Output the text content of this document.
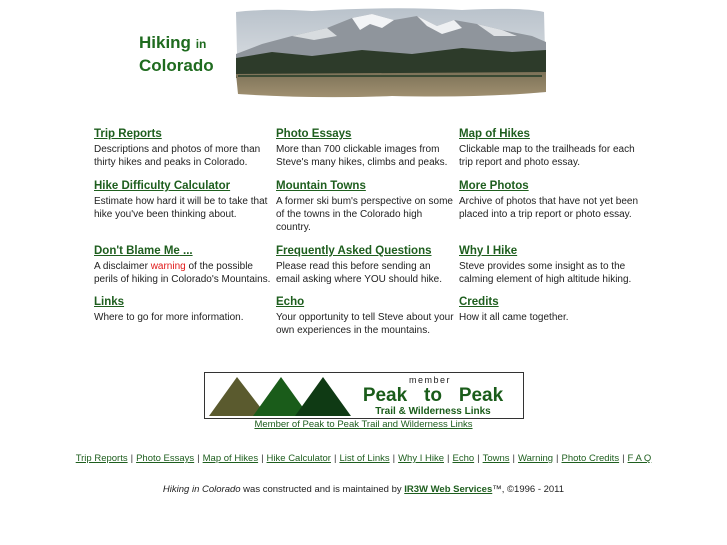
Hiking in
Colorado
Trip Reports
Descriptions and photos of more than thirty hikes and peaks in Colorado.
Photo Essays
More than 700 clickable images from Steve's many hikes, climbs and peaks.
Map of Hikes
Clickable map to the trailheads for each trip report and photo essay.
Hike Difficulty Calculator
Estimate how hard it will be to take that hike you've been thinking about.
Mountain Towns
A former ski bum's perspective on some of the towns in the Colorado high country.
More Photos
Archive of photos that have not yet been placed into a trip report or photo essay.
Don't Blame Me ...
A disclaimer warning of the possible perils of hiking in Colorado's Mountains.
Frequently Asked Questions
Please read this before sending an email asking where YOU should hike.
Why I Hike
Steve provides some insight as to the calming element of high altitude hiking.
Links
Where to go for more information.
Echo
Your opportunity to tell Steve about your own experiences in the mountains.
Credits
How it all came together.
member
Peak to Peak
Trail & Wilderness Links
Member of Peak to Peak Trail and Wilderness Links
Trip Reports | Photo Essays | Map of Hikes | Hike Calculator | List of Links | Why I Hike | Echo | Towns | Warning | Photo Credits | F A Q
Hiking in Colorado was constructed and is maintained by IR3W Web Services™, ©1996 - 2011
